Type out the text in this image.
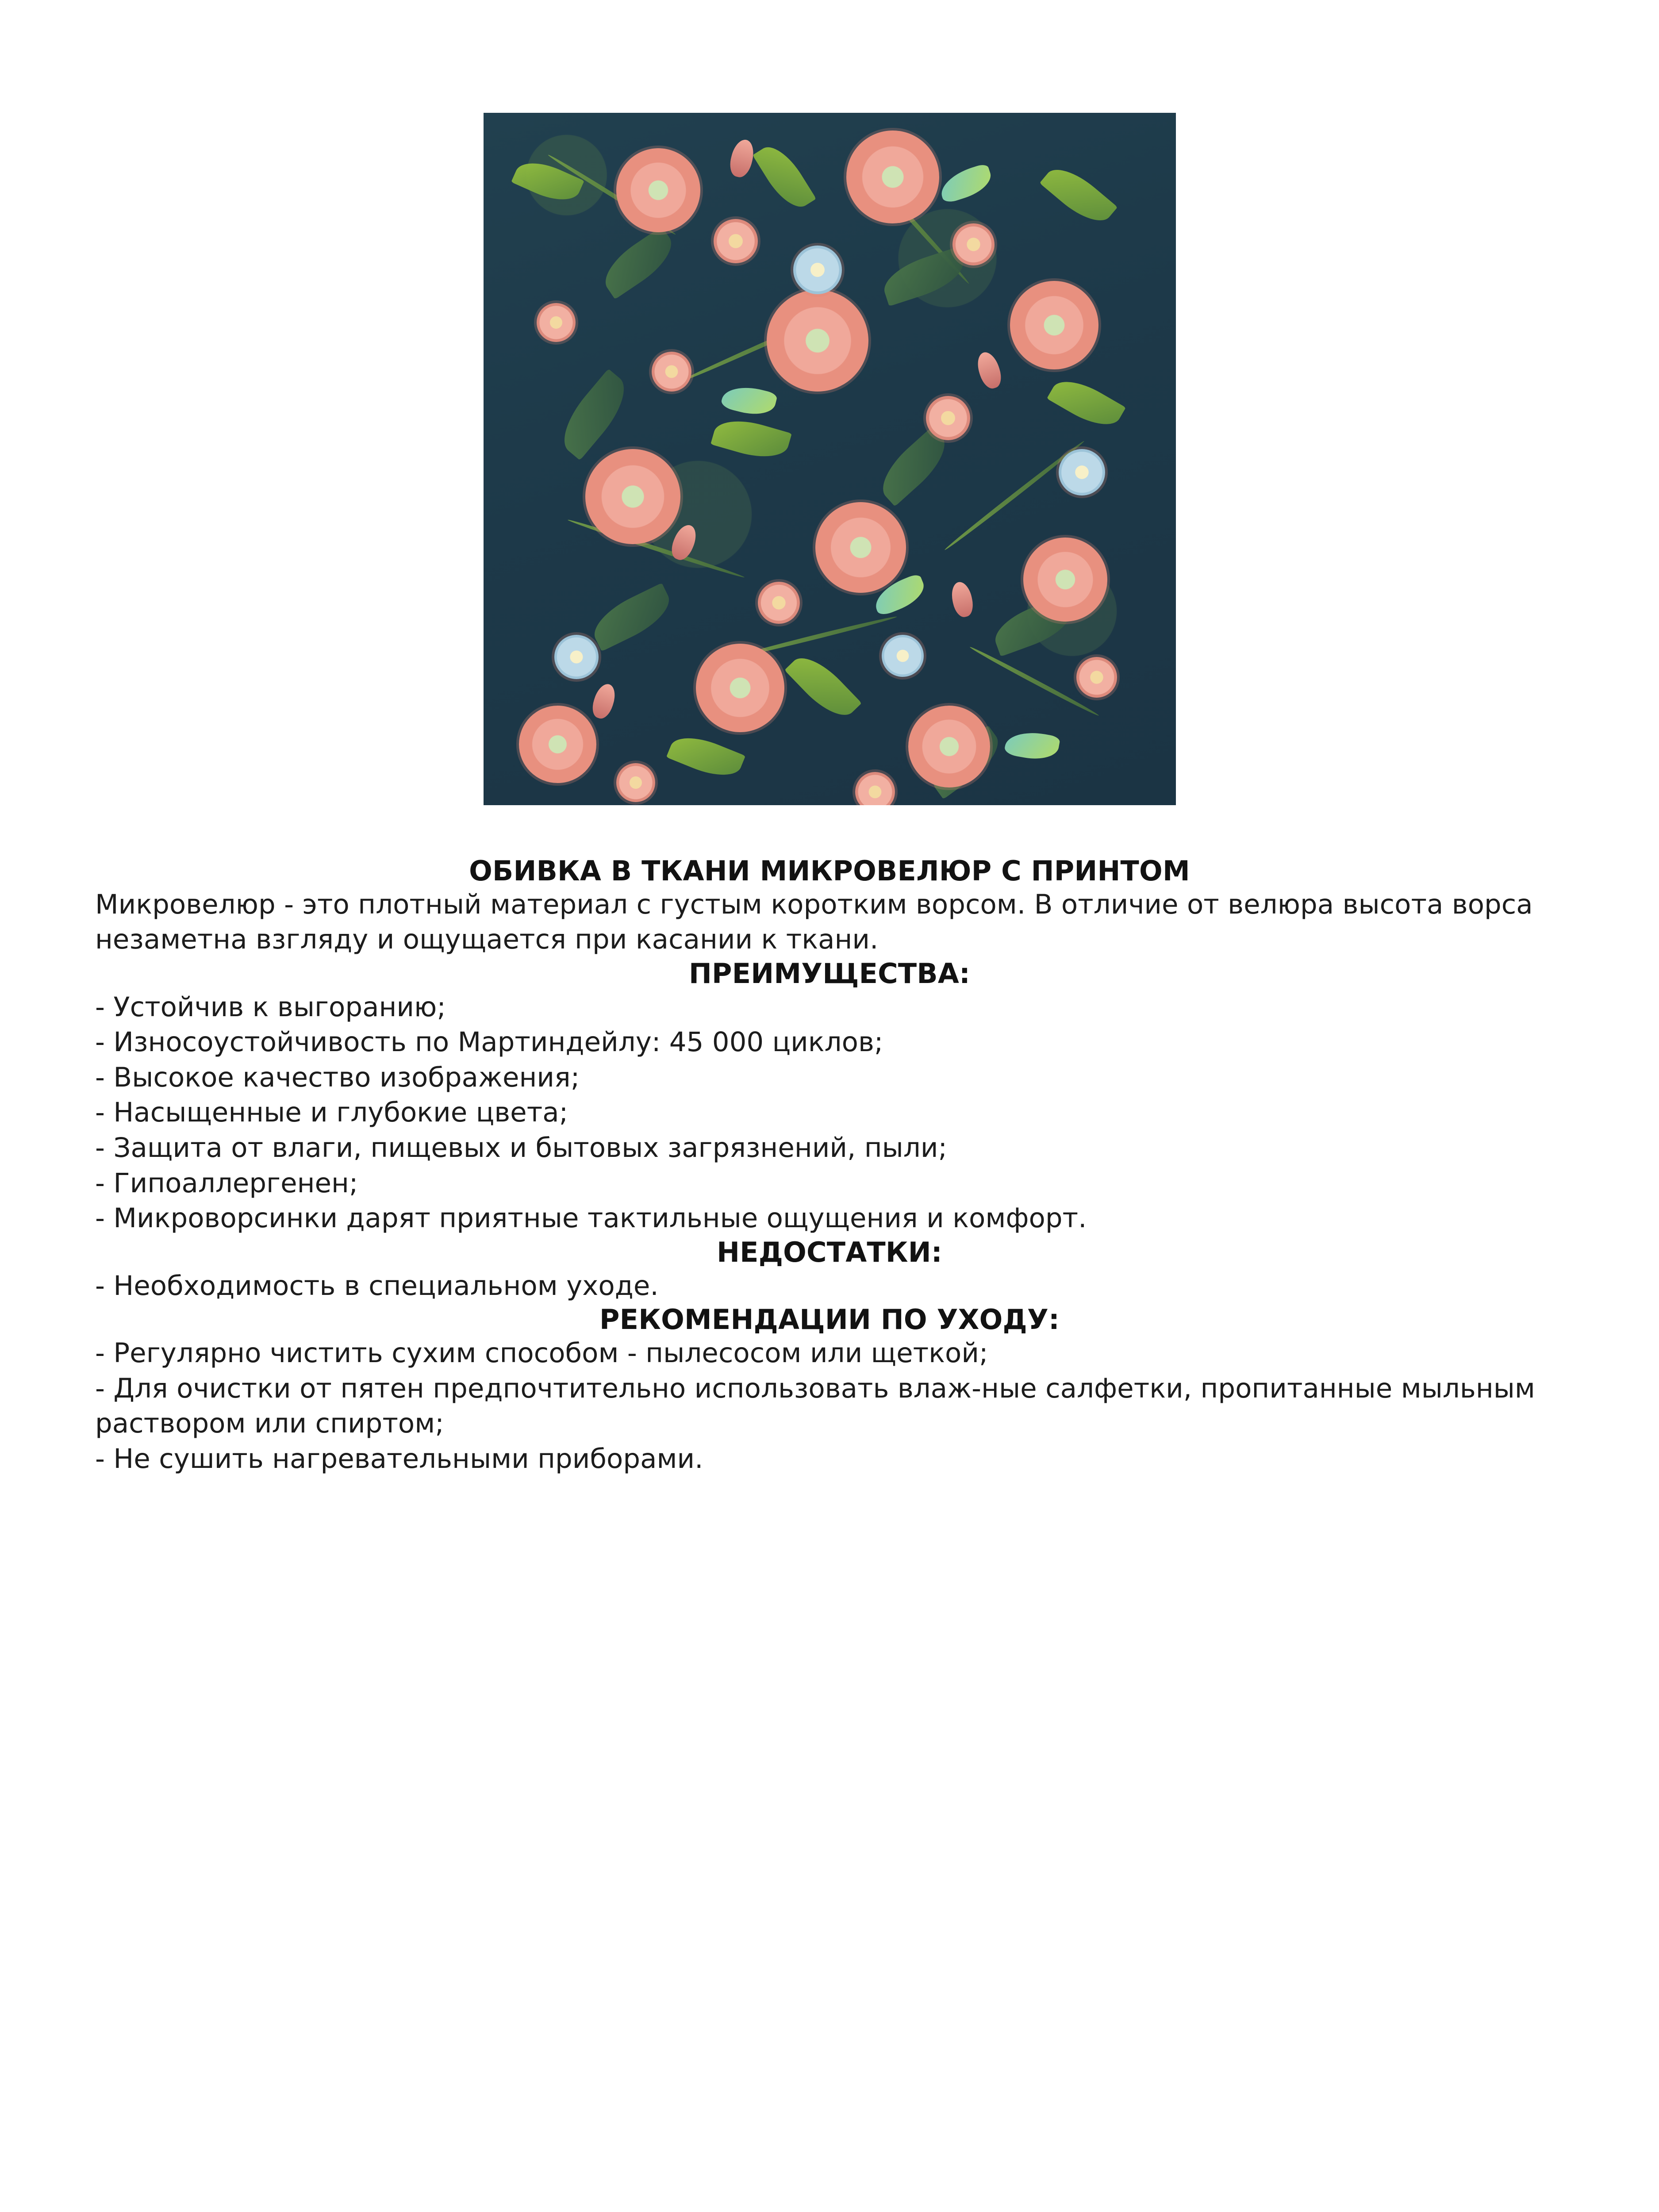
ОБИВКА В ТКАНИ МИКРОВЕЛЮР С ПРИНТОМ

Микровелюр - это плотный материал с густым коротким ворсом. В отличие от велюра высота ворса незаметна взгляду и ощущается при касании к ткани.

ПРЕИМУЩЕСТВА:
- Устойчив к выгоранию;
- Износоустойчивость по Мартиндейлу: 45 000 циклов;
- Высокое качество изображения;
- Насыщенные и глубокие цвета;
- Защита от влаги, пищевых и бытовых загрязнений, пыли;
- Гипоаллергенен;
- Микроворсинки дарят приятные тактильные ощущения и комфорт.
НЕДОСТАТКИ:

- Необходимость в специальном уходе.

РЕКОМЕНДАЦИИ ПО УХОДУ:
- Регулярно чистить сухим способом - пылесосом или щеткой;
- Для очистки от пятен предпочтительно использовать влаж-ные салфетки, пропитанные мыльным раствором или спиртом;
- Не сушить нагревательными приборами.
